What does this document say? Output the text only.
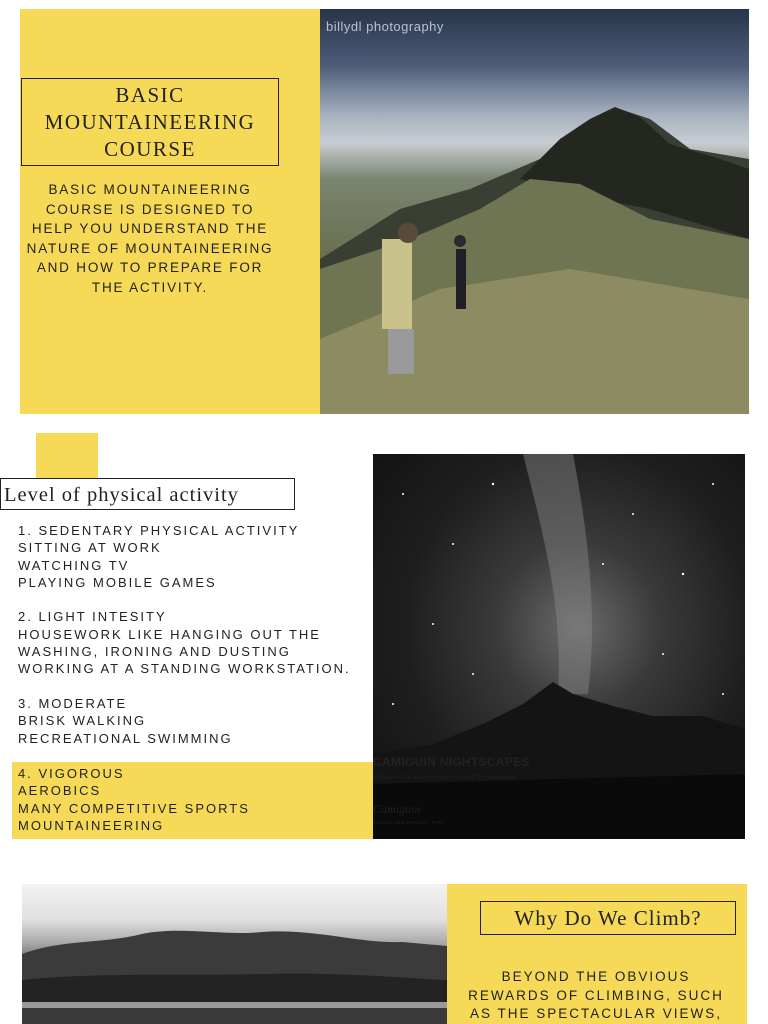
BASIC
MOUNTAINEERING
COURSE
BASIC MOUNTAINEERING COURSE IS DESIGNED TO HELP YOU UNDERSTAND THE NATURE OF MOUNTAINEERING AND HOW TO PREPARE FOR THE ACTIVITY.
billydl photography
Level of physical activity
1. SEDENTARY PHYSICAL ACTIVITY
SITTING AT WORK
WATCHING TV
PLAYING MOBILE GAMES
2. LIGHT INTESITY
HOUSEWORK LIKE HANGING OUT THE
WASHING, IRONING AND DUSTING
WORKING AT A STANDING WORKSTATION.
3. MODERATE
BRISK WALKING
RECREATIONAL SWIMMING
4. VIGOROUS
AEROBICS
MANY COMPETITIVE SPORTS
MOUNTAINEERING
CAMIGUIN NIGHTSCAPES
Discover the universe surrounded by volcanoes
Camiguin
THE ISLAND BORN OF FIRE
Why Do We Climb?
BEYOND THE OBVIOUS REWARDS OF CLIMBING, SUCH AS THE SPECTACULAR VIEWS,
